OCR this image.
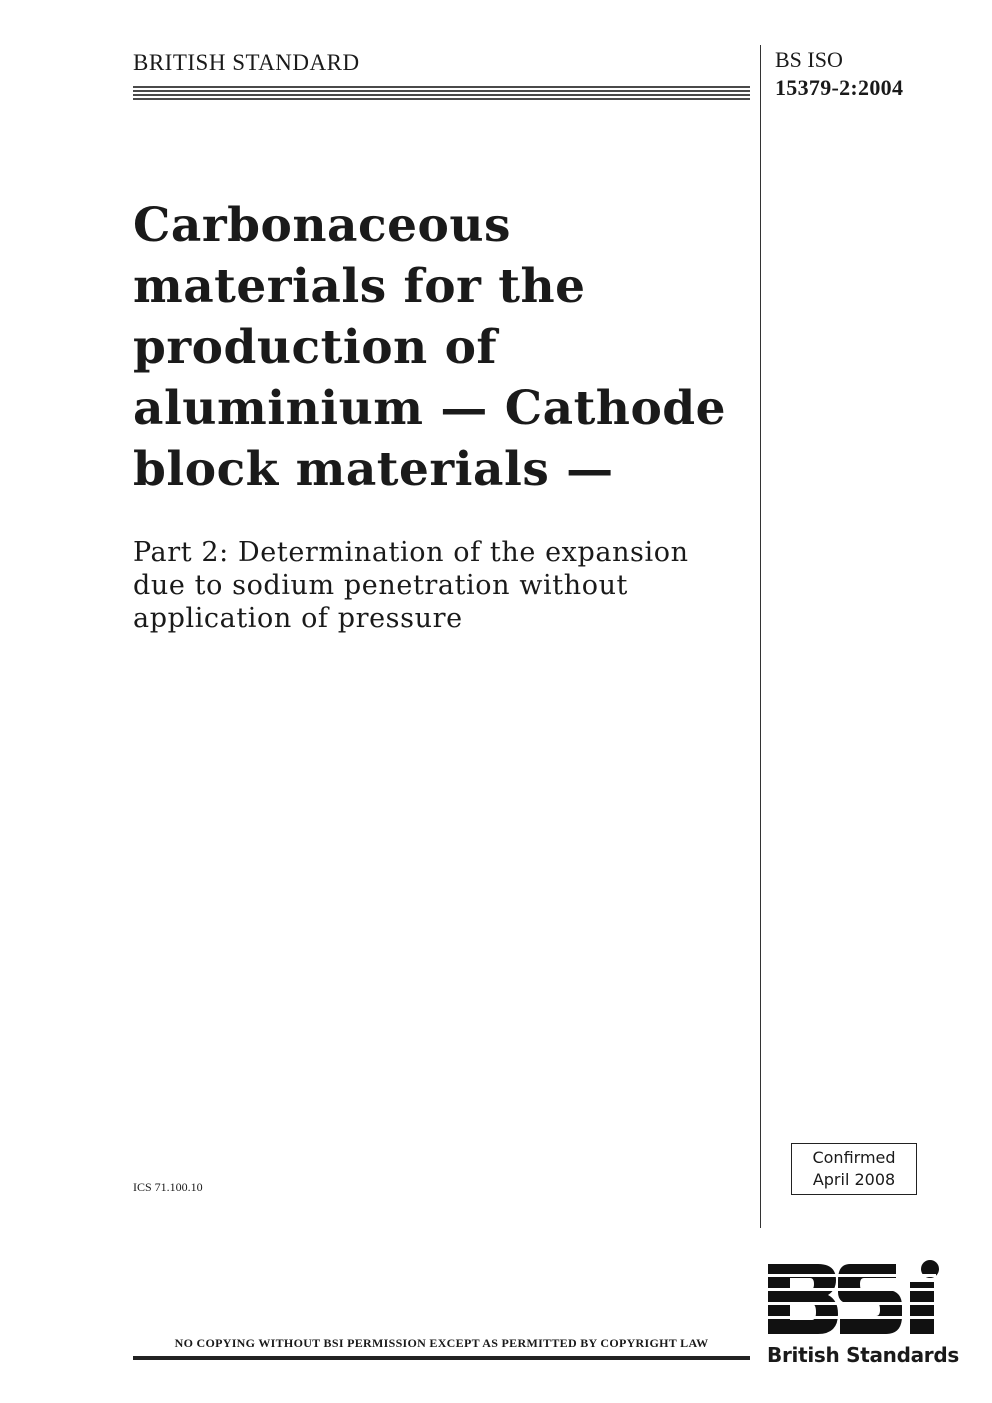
BRITISH STANDARD	BS ISO
15379-2:2004
Carbonaceous
materials for the
production of
aluminium — Cathode
block materials —
Part 2: Determination of the expansion
due to sodium penetration without
application of pressure
ICS 71.100.10
Confirmed
April 2008
NO COPYING WITHOUT BSI PERMISSION EXCEPT AS PERMITTED BY COPYRIGHT LAW	British Standards
